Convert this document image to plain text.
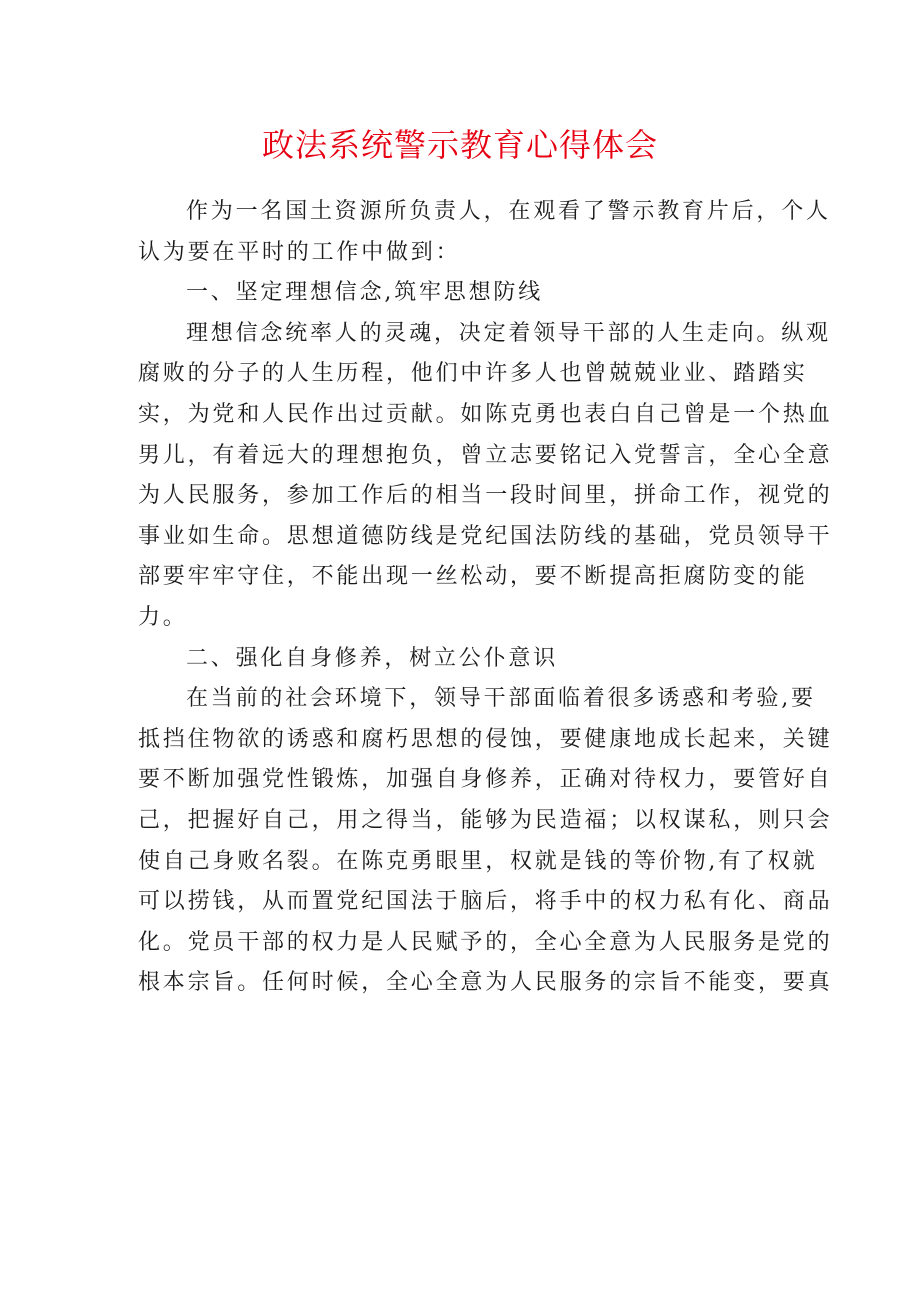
政法系统警示教育心得体会
作为一名国土资源所负责人，在观看了警示教育片后，个人
认为要在平时的工作中做到：
一、坚定理想信念,筑牢思想防线
理想信念统率人的灵魂，决定着领导干部的人生走向。纵观
腐败的分子的人生历程，他们中许多人也曾兢兢业业、踏踏实
实，为党和人民作出过贡献。如陈克勇也表白自己曾是一个热血
男儿，有着远大的理想抱负，曾立志要铭记入党誓言，全心全意
为人民服务，参加工作后的相当一段时间里，拼命工作，视党的
事业如生命。思想道德防线是党纪国法防线的基础，党员领导干
部要牢牢守住，不能出现一丝松动，要不断提高拒腐防变的能
力。
二、强化自身修养，树立公仆意识
在当前的社会环境下，领导干部面临着很多诱惑和考验,要
抵挡住物欲的诱惑和腐朽思想的侵蚀，要健康地成长起来，关键
要不断加强党性锻炼，加强自身修养，正确对待权力，要管好自
己，把握好自己，用之得当，能够为民造福；以权谋私，则只会
使自己身败名裂。在陈克勇眼里，权就是钱的等价物,有了权就
可以捞钱，从而置党纪国法于脑后，将手中的权力私有化、商品
化。党员干部的权力是人民赋予的，全心全意为人民服务是党的
根本宗旨。任何时候，全心全意为人民服务的宗旨不能变，要真
